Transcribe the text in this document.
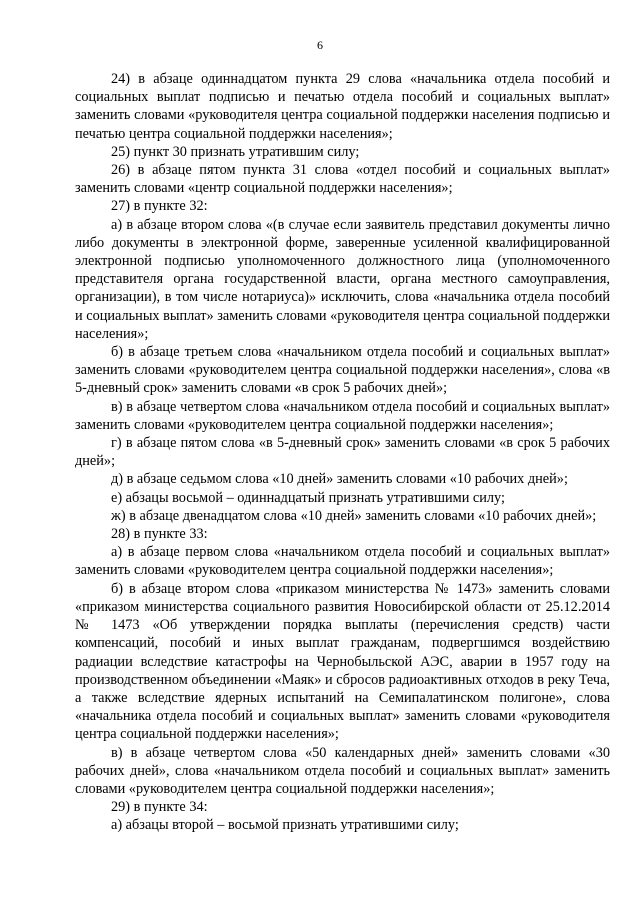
6

24) в абзаце одиннадцатом пункта 29 слова «начальника отдела пособий и социальных выплат подписью и печатью отдела пособий и социальных выплат» заменить словами «руководителя центра социальной поддержки населения подписью и печатью центра социальной поддержки населения»;

25) пункт 30 признать утратившим силу;

26) в абзаце пятом пункта 31 слова «отдел пособий и социальных выплат» заменить словами «центр социальной поддержки населения»;

27) в пункте 32:

а) в абзаце втором слова «(в случае если заявитель представил документы лично либо документы в электронной форме, заверенные усиленной квалифицированной электронной подписью уполномоченного должностного лица (уполномоченного представителя органа государственной власти, органа местного самоуправления, организации), в том числе нотариуса)» исключить, слова «начальника отдела пособий и социальных выплат» заменить словами «руководителя центра социальной поддержки населения»;

б) в абзаце третьем слова «начальником отдела пособий и социальных выплат» заменить словами «руководителем центра социальной поддержки населения», слова «в 5-дневный срок» заменить словами «в срок 5 рабочих дней»;

в) в абзаце четвертом слова «начальником отдела пособий и социальных выплат» заменить словами «руководителем центра социальной поддержки населения»;

г) в абзаце пятом слова «в 5-дневный срок» заменить словами «в срок 5 рабочих дней»;

д) в абзаце седьмом слова «10 дней» заменить словами «10 рабочих дней»;

е) абзацы восьмой – одиннадцатый признать утратившими силу;

ж) в абзаце двенадцатом слова «10 дней» заменить словами «10 рабочих дней»;

28) в пункте 33:

а) в абзаце первом слова «начальником отдела пособий и социальных выплат» заменить словами «руководителем центра социальной поддержки населения»;

б) в абзаце втором слова «приказом министерства № 1473» заменить словами «приказом министерства социального развития Новосибирской области от 25.12.2014 № 1473 «Об утверждении порядка выплаты (перечисления средств) части компенсаций, пособий и иных выплат гражданам, подвергшимся воздействию радиации вследствие катастрофы на Чернобыльской АЭС, аварии в 1957 году на производственном объединении «Маяк» и сбросов радиоактивных отходов в реку Теча, а также вследствие ядерных испытаний на Семипалатинском полигоне», слова «начальника отдела пособий и социальных выплат» заменить словами «руководителя центра социальной поддержки населения»;

в) в абзаце четвертом слова «50 календарных дней» заменить словами «30 рабочих дней», слова «начальником отдела пособий и социальных выплат» заменить словами «руководителем центра социальной поддержки населения»;

29) в пункте 34:

а) абзацы второй – восьмой признать утратившими силу;
